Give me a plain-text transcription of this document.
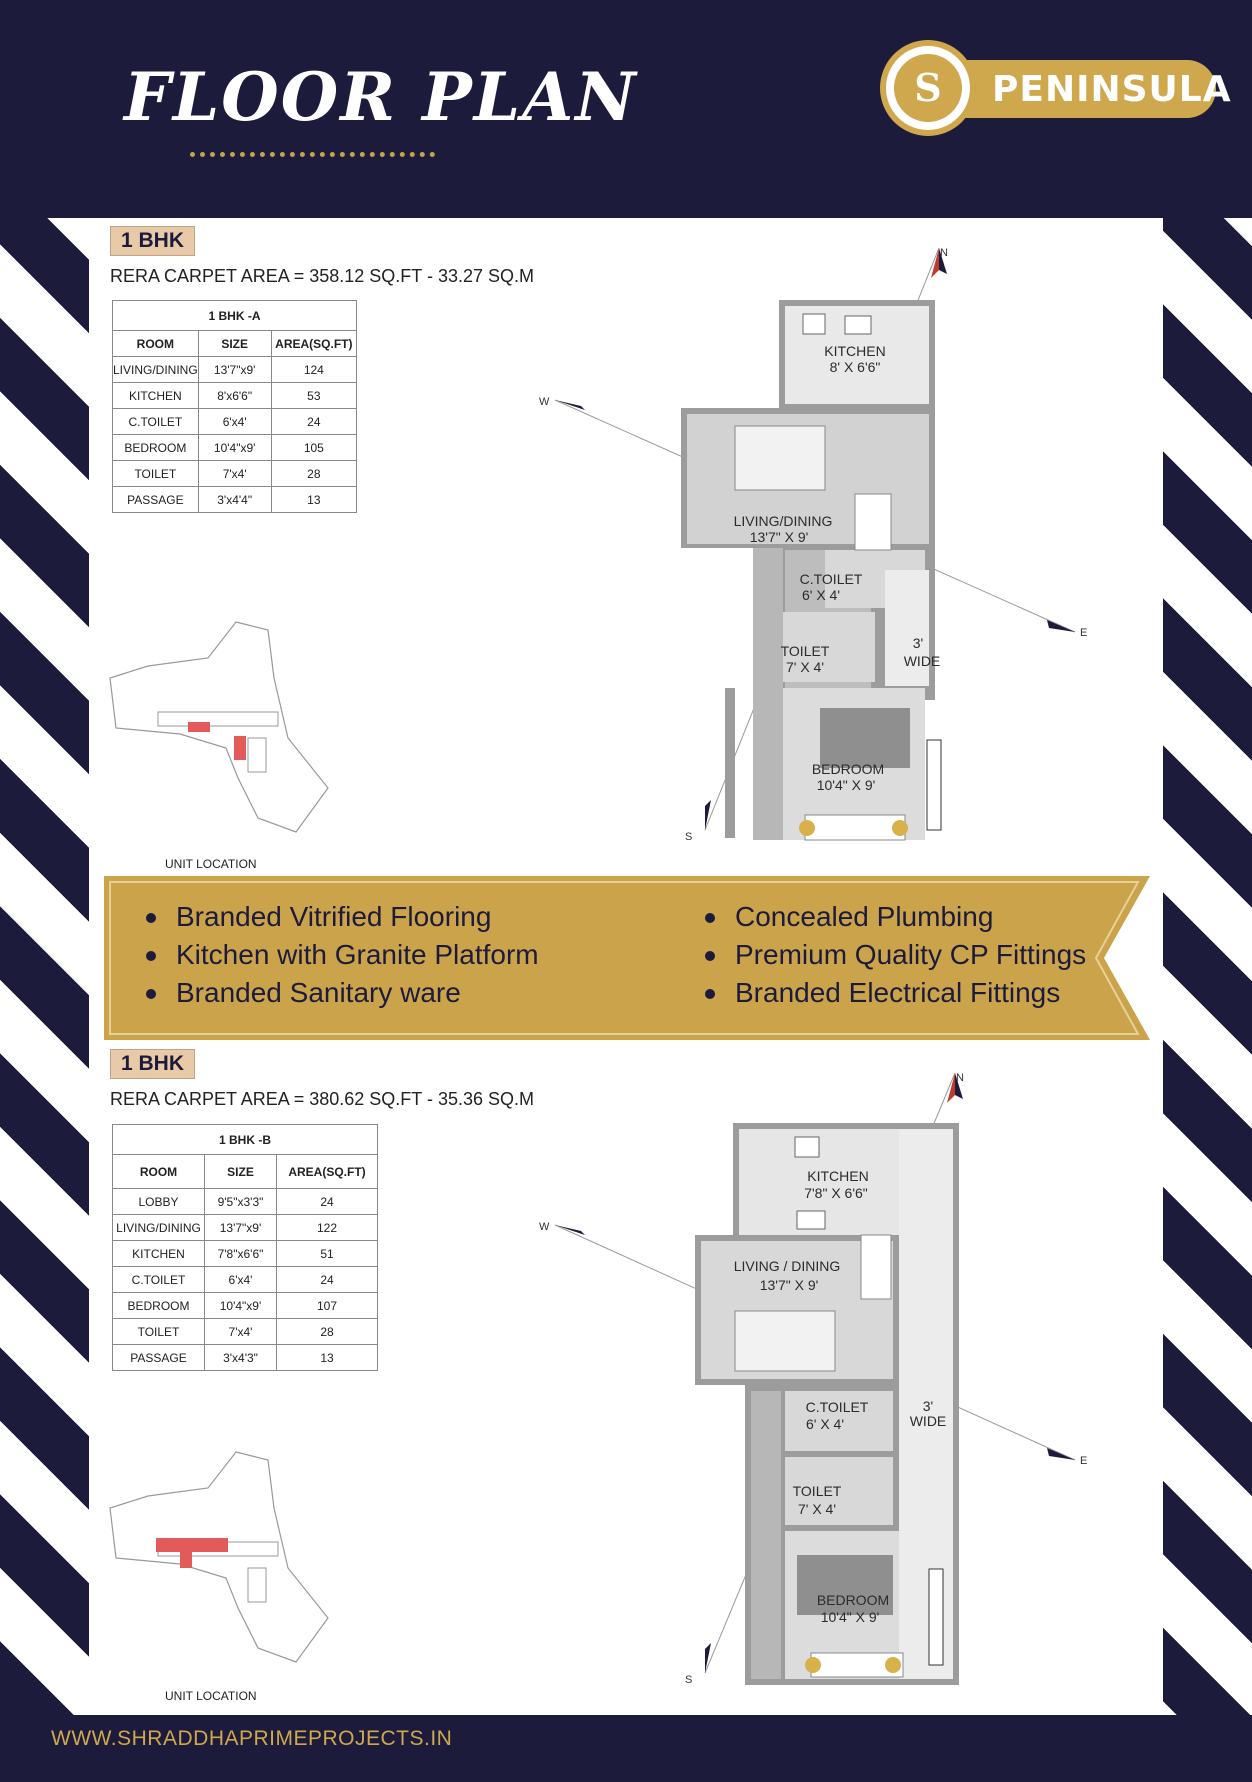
FLOOR PLAN	PENINSULA
S
1 BHK
RERA CARPET AREA = 358.12 SQ.FT - 33.27 SQ.M
1 BHK -A		
ROOM	SIZE	AREA(SQ.FT)
LIVING/DINING	13'7"x9'	124
KITCHEN	8'x6'6"	53
C.TOILET	6'x4'	24
BEDROOM	10'4"x9'	105
TOILET	7'x4'	28
PASSAGE	3'x4'4"	13
UNIT LOCATION
KITCHEN
8' X 6'6"
LIVING/DINING
13'7" X 9'
C.TOILET
6' X 4'
TOILET
7' X 4'
3'
WIDE
BEDROOM
10'4" X 9'
N
W
E
S
Branded Vitrified Flooring
Kitchen with Granite Platform
Branded Sanitary ware
Concealed Plumbing
Premium Quality CP Fittings
Branded Electrical Fittings
1 BHK
RERA CARPET AREA = 380.62 SQ.FT - 35.36 SQ.M
1 BHK -B		
ROOM	SIZE	AREA(SQ.FT)
LOBBY	9'5"x3'3"	24
LIVING/DINING	13'7"x9'	122
KITCHEN	7'8"x6'6"	51
C.TOILET	6'x4'	24
BEDROOM	10'4"x9'	107
TOILET	7'x4'	28
PASSAGE	3'x4'3"	13
UNIT LOCATION
KITCHEN
7'8" X 6'6"
LIVING / DINING
13'7" X 9'
C.TOILET
6' X 4'
TOILET
7' X 4'
3'
WIDE
BEDROOM
10'4" X 9'
N
W
E
S
WWW.SHRADDHAPRIMEPROJECTS.IN
